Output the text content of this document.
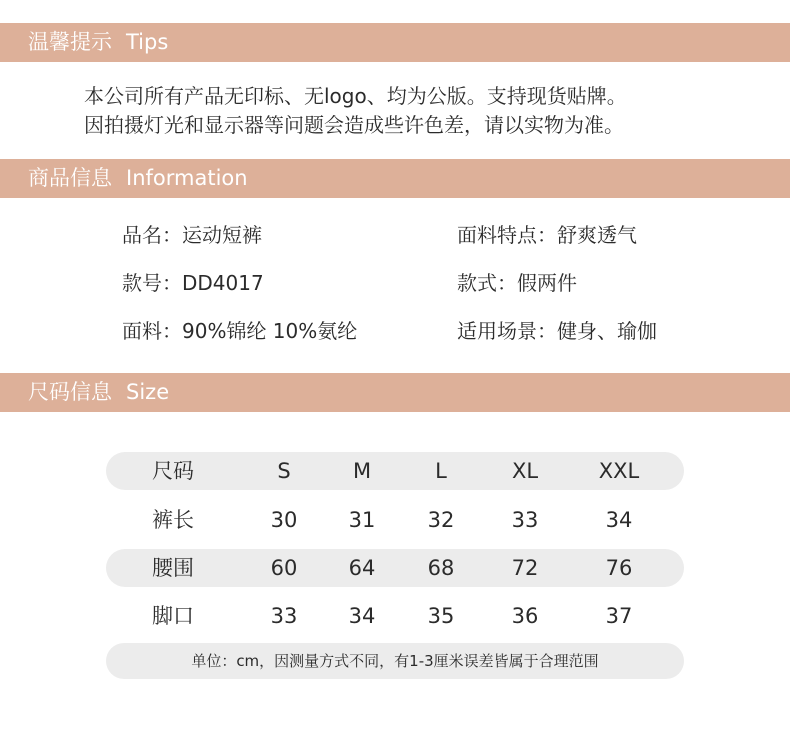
温馨提示 Tips
本公司所有产品无印标、无logo、均为公版。支持现货贴牌。
因拍摄灯光和显示器等问题会造成些许色差，请以实物为准。
商品信息 Information
品名：运动短裤	面料特点：舒爽透气
款号：DD4017	款式：假两件
面料：90%锦纶 10%氨纶	适用场景：健身、瑜伽
尺码信息 Size
尺码	S	M	L	XL	XXL
裤长	30	31	32	33	34
腰围	60	64	68	72	76
脚口	33	34	35	36	37
单位：cm，因测量方式不同，有1-3厘米误差皆属于合理范围
